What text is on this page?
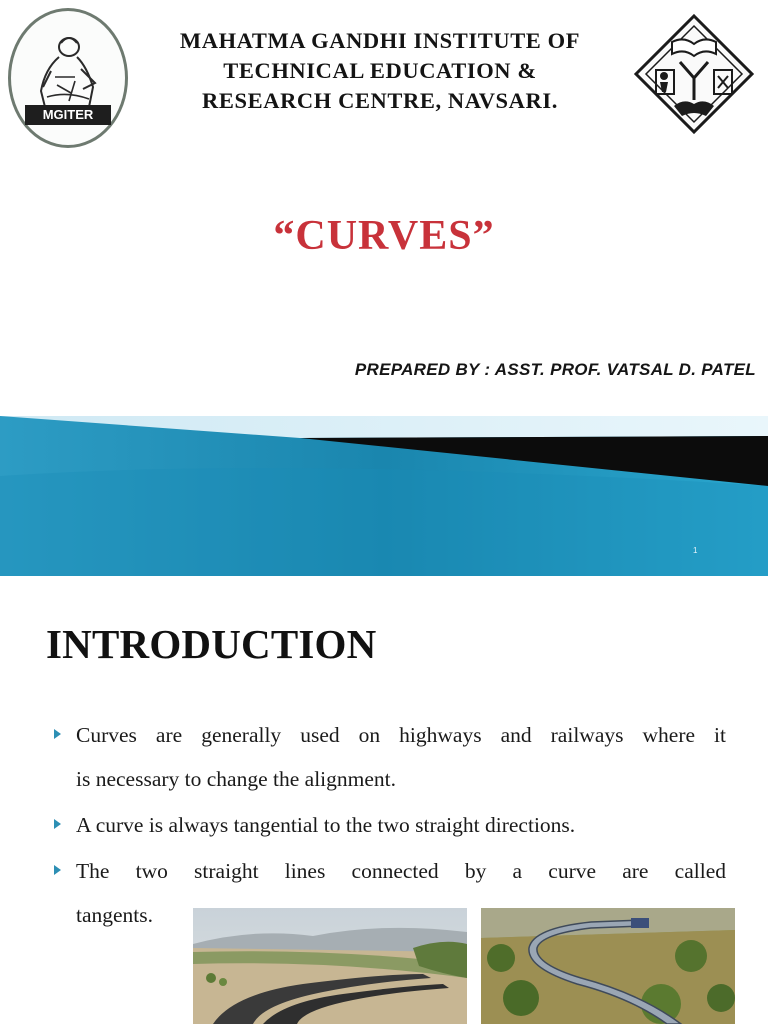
MGITER
MAHATMA GANDHI INSTITUTE OF
TECHNICAL EDUCATION &
RESEARCH CENTRE, NAVSARI.
“CURVES”
PREPARED BY : ASST. PROF. VATSAL D. PATEL
1
INTRODUCTION
Curves are generally used on highways and railways where it
is necessary to change the alignment.
A curve is always tangential to the two straight directions.
The two straight lines connected by a curve are called
tangents.
